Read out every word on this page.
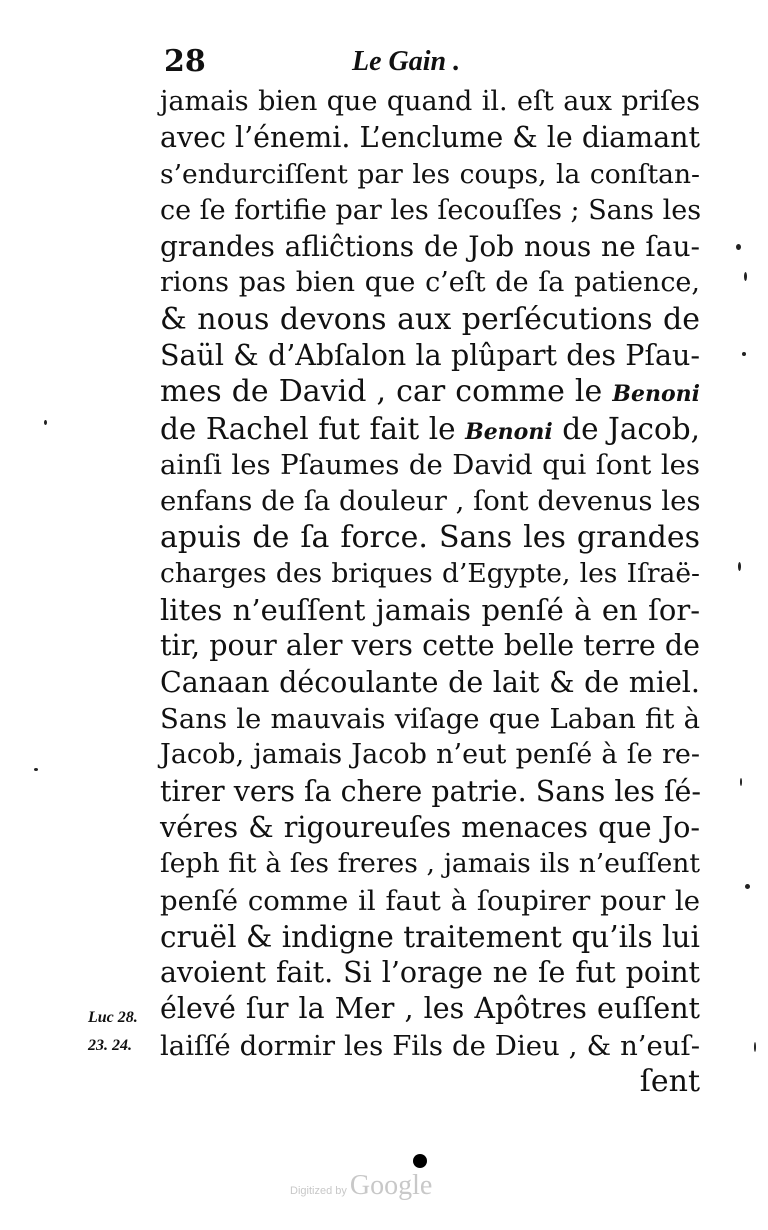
28	Le Gain .
jamais bien que quand il. eſt aux priſes
avec l’énemi. L’enclume & le diamant
s’endurciſſent par les coups, la conſtan-
ce ſe fortifie par les ſecouſſes ; Sans les
grandes afliĉtions de Job nous ne ſau-
rions pas bien que c’eſt de ſa patience,
& nous devons aux perſécutions de
Saül & d’Abſalon la plûpart des Pſau-
mes de David , car comme le Benoni
de Rachel fut fait le Benoni de Jacob,
ainſi les Pſaumes de David qui ſont les
enfans de ſa douleur , ſont devenus les
apuis de ſa force. Sans les grandes
charges des briques d’Egypte, les Iſraë-
lites n’euſſent jamais penſé à en ſor-
tir, pour aler vers cette belle terre de
Canaan découlante de lait & de miel.
Sans le mauvais viſage que Laban fit à
Jacob, jamais Jacob n’eut penſé à ſe re-
tirer vers ſa chere patrie. Sans les ſé-
véres & rigoureuſes menaces que Jo-
ſeph fit à ſes freres , jamais ils n’euſſent
penſé comme il faut à ſoupirer pour le
cruël & indigne traitement qu’ils lui
avoient fait. Si l’orage ne ſe fut point
élevé ſur la Mer , les Apôtres euſſent
laiſſé dormir les Fils de Dieu , & n’euſ-
ſent
Luc 28.
23. 24.
Digitized by Google
